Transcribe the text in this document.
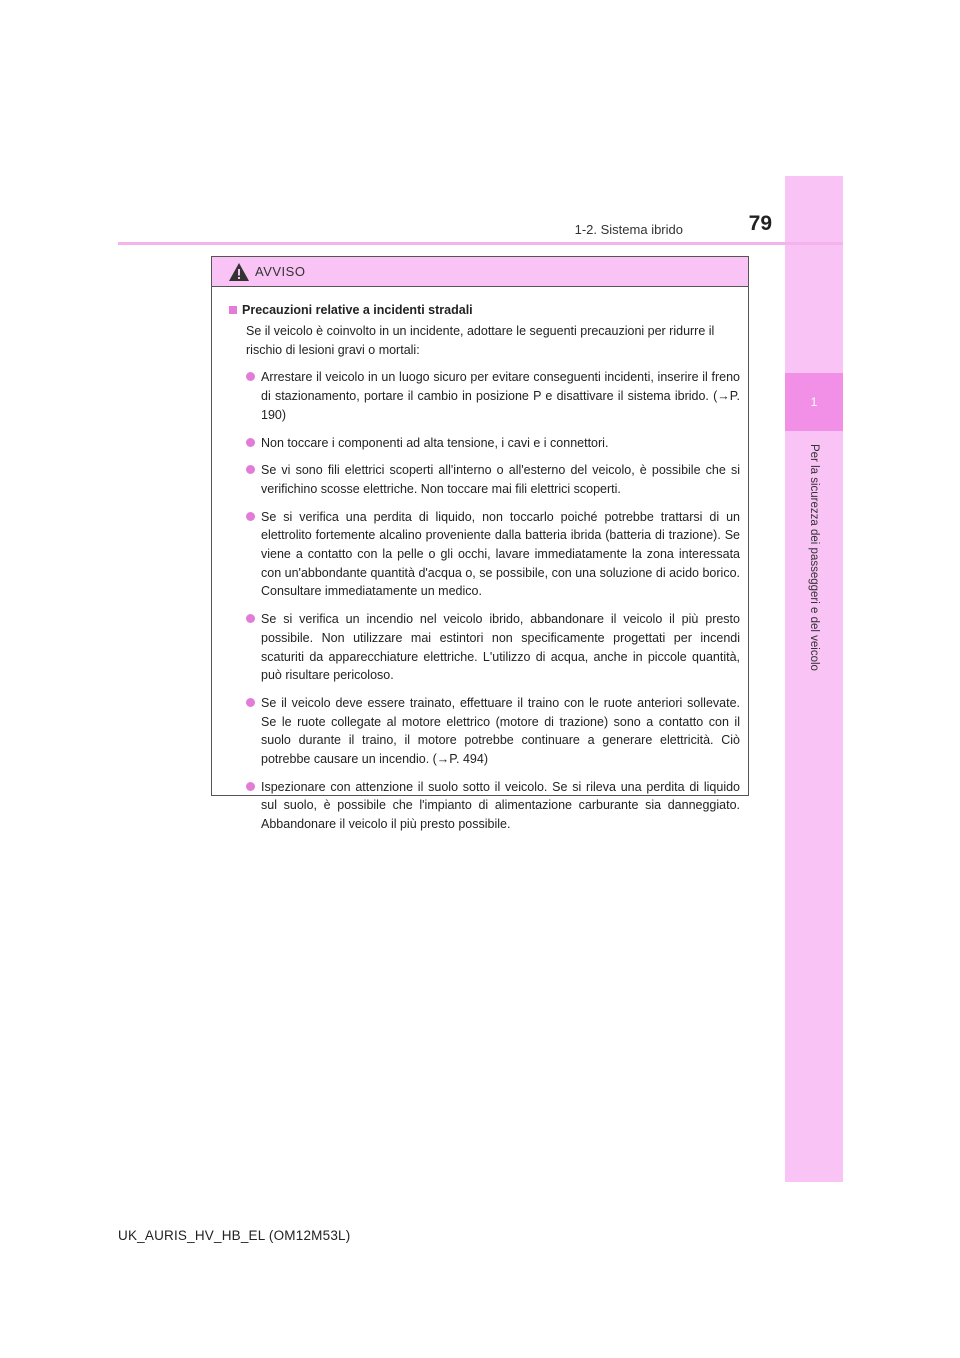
1
Per la sicurezza dei passeggeri e del veicolo
1-2. Sistema ibrido	79
AVVISO
Precauzioni relative a incidenti stradali
Se il veicolo è coinvolto in un incidente, adottare le seguenti precauzioni per ridurre il rischio di lesioni gravi o mortali:
Arrestare il veicolo in un luogo sicuro per evitare conseguenti incidenti, inserire il freno di stazionamento, portare il cambio in posizione P e disattivare il sistema ibrido. (→P. 190)
Non toccare i componenti ad alta tensione, i cavi e i connettori.
Se vi sono fili elettrici scoperti all'interno o all'esterno del veicolo, è possibile che si verifichino scosse elettriche. Non toccare mai fili elettrici scoperti.
Se si verifica una perdita di liquido, non toccarlo poiché potrebbe trattarsi di un elettrolito fortemente alcalino proveniente dalla batteria ibrida (batteria di trazione). Se viene a contatto con la pelle o gli occhi, lavare immediatamente la zona interessata con un'abbondante quantità d'acqua o, se possibile, con una soluzione di acido borico. Consultare immediatamente un medico.
Se si verifica un incendio nel veicolo ibrido, abbandonare il veicolo il più presto possibile. Non utilizzare mai estintori non specificamente progettati per incendi scaturiti da apparecchiature elettriche. L'utilizzo di acqua, anche in piccole quantità, può risultare pericoloso.
Se il veicolo deve essere trainato, effettuare il traino con le ruote anteriori sollevate. Se le ruote collegate al motore elettrico (motore di trazione) sono a contatto con il suolo durante il traino, il motore potrebbe continuare a generare elettricità. Ciò potrebbe causare un incendio. (→P. 494)
Ispezionare con attenzione il suolo sotto il veicolo. Se si rileva una perdita di liquido sul suolo, è possibile che l'impianto di alimentazione carburante sia danneggiato. Abbandonare il veicolo il più presto possibile.
UK_AURIS_HV_HB_EL (OM12M53L)
